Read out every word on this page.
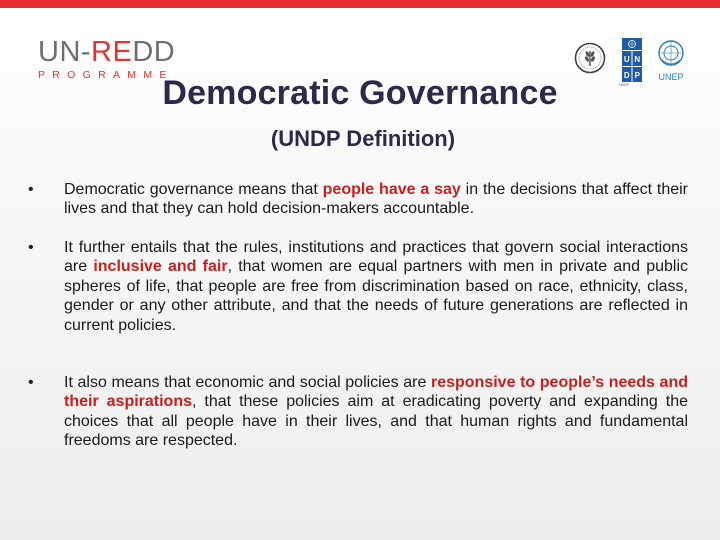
UN-REDD
PROGRAMME
U N
D P UNEP
UNDP
Democratic Governance
(UNDP Definition)
• Democratic governance means that people have a say in the decisions that affect their lives and that they can hold decision-makers accountable.
• It further entails that the rules, institutions and practices that govern social interactions are inclusive and fair, that women are equal partners with men in private and public spheres of life, that people are free from discrimination based on race, ethnicity, class, gender or any other attribute, and that the needs of future generations are reflected in current policies.
• It also means that economic and social policies are responsive to people’s needs and their aspirations, that these policies aim at eradicating poverty and expanding the choices that all people have in their lives, and that human rights and fundamental freedoms are respected.
